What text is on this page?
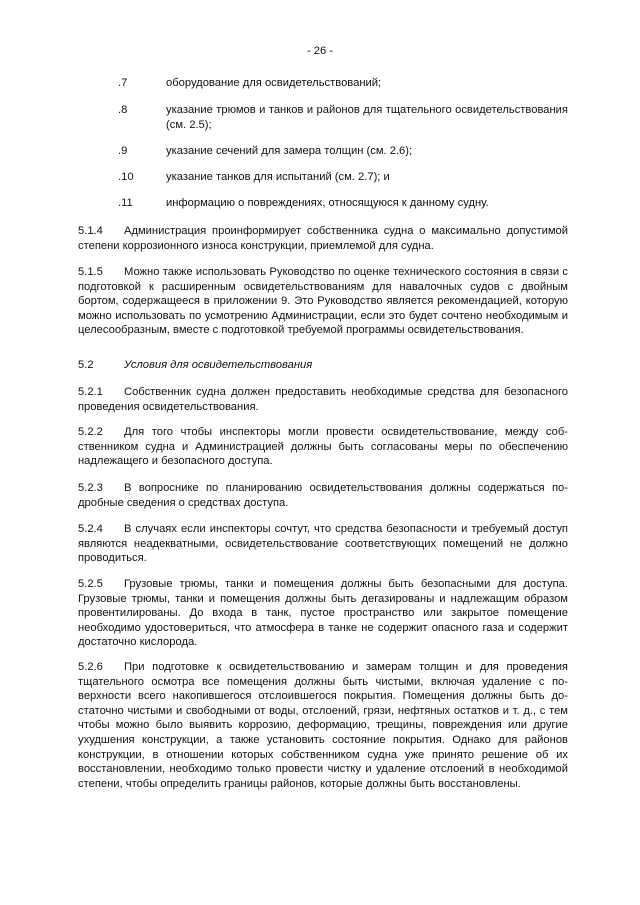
- 26 -
.7	оборудование для освидетельствований;
.8	указание трюмов и танков и районов для тщательного освидетельствования (см. 2.5);
.9	указание сечений для замера толщин (см. 2.6);
.10	указание танков для испытаний (см. 2.7); и
.11	информацию о повреждениях, относящуюся к данному судну.
5.1.4 Администрация проинформирует собственника судна о максимально допустимой степени коррозионного износа конструкции, приемлемой для судна.
5.1.5 Можно также использовать Руководство по оценке технического состояния в связи с подготовкой к расширенным освидетельствованиям для навалочных судов с двойным бортом, содержащееся в приложении 9. Это Руководство является рекомендацией, которую можно использовать по усмотрению Администрации, если это будет сочтено необходимым и целесообразным, вместе с подготовкой требуемой программы освидетельствования.
5.2	Условия для освидетельствования
5.2.1 Собственник судна должен предоставить необходимые средства для безопасного проведения освидетельствования.
5.2.2 Для того чтобы инспекторы могли провести освидетельствование, между собственником судна и Администрацией должны быть согласованы меры по обеспечению надлежащего и безопасного доступа.
5.2.3 В вопроснике по планированию освидетельствования должны содержаться подробные сведения о средствах доступа.
5.2.4 В случаях если инспекторы сочтут, что средства безопасности и требуемый доступ являются неадекватными, освидетельствование соответствующих помещений не должно проводиться.
5.2.5 Грузовые трюмы, танки и помещения должны быть безопасными для доступа. Грузовые трюмы, танки и помещения должны быть дегазированы и надлежащим образом провентилированы. До входа в танк, пустое пространство или закрытое помещение необходимо удостовериться, что атмосфера в танке не содержит опасного газа и содержит достаточно кислорода.
5.2.6 При подготовке к освидетельствованию и замерам толщин и для проведения тщательного осмотра все помещения должны быть чистыми, включая удаление с поверхности всего накопившегося отслоившегося покрытия. Помещения должны быть достаточно чистыми и свободными от воды, отслоений, грязи, нефтяных остатков и т. д., с тем чтобы можно было выявить коррозию, деформацию, трещины, повреждения или другие ухудшения конструкции, а также установить состояние покрытия. Однако для районов конструкции, в отношении которых собственником судна уже принято решение об их восстановлении, необходимо только провести чистку и удаление отслоений в необходимой степени, чтобы определить границы районов, которые должны быть восстановлены.
